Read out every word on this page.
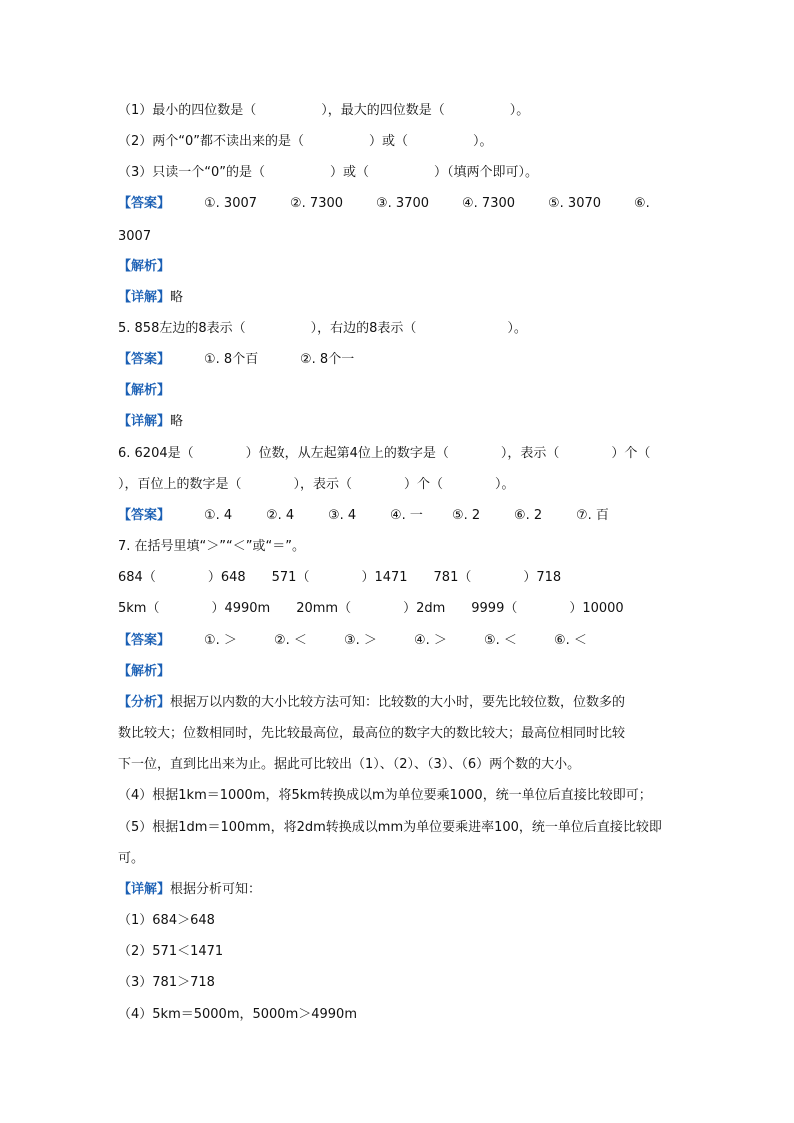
（1）最小的四位数是（　　　　　），最大的四位数是（　　　　　）。
（2）两个“0”都不读出来的是（　　　　　）或（　　　　　）。
（3）只读一个“0”的是（　　　　　）或（　　　　　）（填两个即可）。
【答案】	①. 3007	②. 7300	③. 3700	④. 7300	⑤. 3070	⑥.
3007
【解析】
【详解】略
5. 858左边的8表示（　　　　　），右边的8表示（　　　　　　　）。
【答案】	①. 8个百	②. 8个一
【解析】
【详解】略
6. 6204是（　　　　）位数，从左起第4位上的数字是（　　　　），表示（　　　　）个（
），百位上的数字是（　　　　），表示（　　　　）个（　　　　）。
【答案】	①. 4	②. 4	③. 4	④. 一 ⑤. 2	⑥. 2	⑦. 百
7. 在括号里填“＞”“＜”或“＝”。
684（　　　　）648　　571（　　　　）1471　　781（　　　　）718
5km（　　　　）4990m　　20mm（　　　　）2dm　　9999（　　　　）10000
【答案】	①. ＞	②. ＜	③. ＞	④. ＞	⑤. ＜	⑥. ＜
【解析】
【分析】根据万以内数的大小比较方法可知：比较数的大小时，要先比较位数，位数多的
数比较大；位数相同时，先比较最高位，最高位的数字大的数比较大；最高位相同时比较
下一位，直到比出来为止。据此可比较出（1）、（2）、（3）、（6）两个数的大小。
（4）根据1km＝1000m，将5km转换成以m为单位要乘1000，统一单位后直接比较即可；
（5）根据1dm＝100mm，将2dm转换成以mm为单位要乘进率100，统一单位后直接比较即
可。
【详解】根据分析可知：
（1）684＞648
（2）571＜1471
（3）781＞718
（4）5km＝5000m，5000m＞4990m
